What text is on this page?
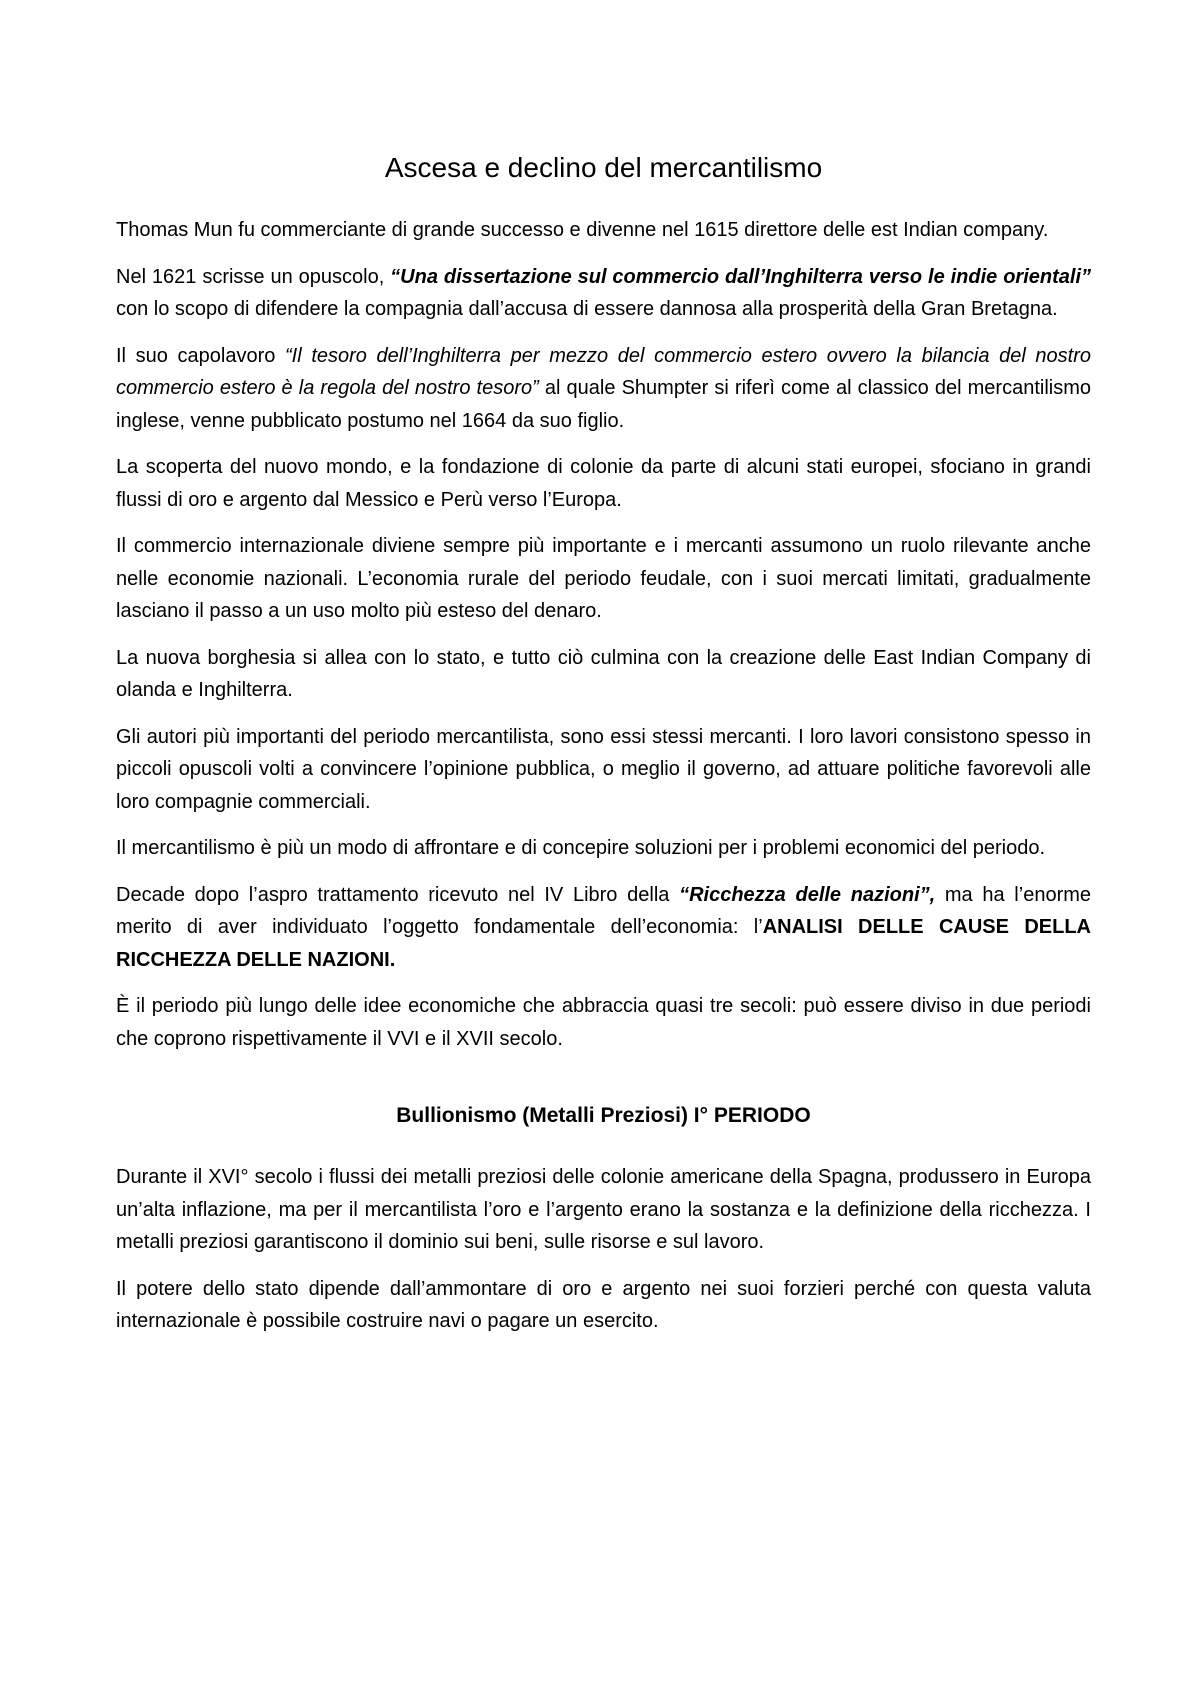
Ascesa e declino del mercantilismo

Thomas Mun fu commerciante di grande successo e divenne nel 1615 direttore delle est Indian company.

Nel 1621 scrisse un opuscolo, “Una dissertazione sul commercio dall’Inghilterra verso le indie orientali” con lo scopo di difendere la compagnia dall’accusa di essere dannosa alla prosperità della Gran Bretagna.

Il suo capolavoro “Il tesoro dell’Inghilterra per mezzo del commercio estero ovvero la bilancia del nostro commercio estero è la regola del nostro tesoro” al quale Shumpter si riferì come al classico del mercantilismo inglese, venne pubblicato postumo nel 1664 da suo figlio.

La scoperta del nuovo mondo, e la fondazione di colonie da parte di alcuni stati europei, sfociano in grandi flussi di oro e argento dal Messico e Perù verso l’Europa.

Il commercio internazionale diviene sempre più importante e i mercanti assumono un ruolo rilevante anche nelle economie nazionali. L’economia rurale del periodo feudale, con i suoi mercati limitati, gradualmente lasciano il passo a un uso molto più esteso del denaro.

La nuova borghesia si allea con lo stato, e tutto ciò culmina con la creazione delle East Indian Company di olanda e Inghilterra.

Gli autori più importanti del periodo mercantilista, sono essi stessi mercanti. I loro lavori consistono spesso in piccoli opuscoli volti a convincere l’opinione pubblica, o meglio il governo, ad attuare politiche favorevoli alle loro compagnie commerciali.

Il mercantilismo è più un modo di affrontare e di concepire soluzioni per i problemi economici del periodo.

Decade dopo l’aspro trattamento ricevuto nel IV Libro della “Ricchezza delle nazioni”, ma ha l’enorme merito di aver individuato l’oggetto fondamentale dell’economia: l’ANALISI DELLE CAUSE DELLA RICCHEZZA DELLE NAZIONI.

È il periodo più lungo delle idee economiche che abbraccia quasi tre secoli: può essere diviso in due periodi che coprono rispettivamente il VVI e il XVII secolo.

Bullionismo (Metalli Preziosi) I° PERIODO

Durante il XVI° secolo i flussi dei metalli preziosi delle colonie americane della Spagna, produssero in Europa un’alta inflazione, ma per il mercantilista l’oro e l’argento erano la sostanza e la definizione della ricchezza. I metalli preziosi garantiscono il dominio sui beni, sulle risorse e sul lavoro.

Il potere dello stato dipende dall’ammontare di oro e argento nei suoi forzieri perché con questa valuta internazionale è possibile costruire navi o pagare un esercito.
